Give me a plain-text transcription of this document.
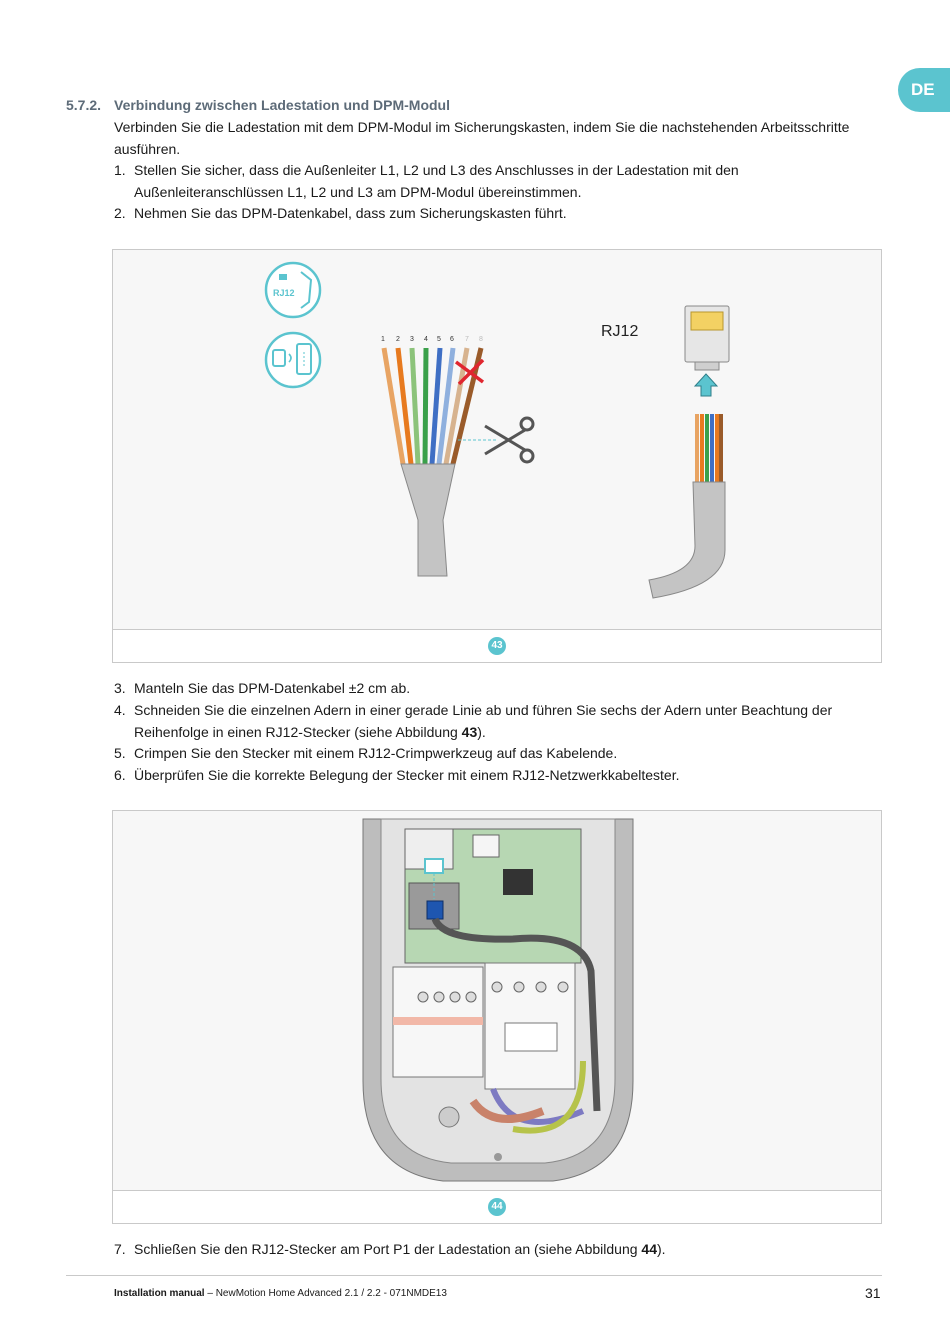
DE
5.7.2. Verbindung zwischen Ladestation und DPM-Modul
Verbinden Sie die Ladestation mit dem DPM-Modul im Sicherungskasten, indem Sie die nachstehenden Arbeitsschritte
ausführen.
1. Stellen Sie sicher, dass die Außenleiter L1, L2 und L3 des Anschlusses in der Ladestation mit den
Außenleiteranschlüssen L1, L2 und L3 am DPM-Modul übereinstimmen.
2. Nehmen Sie das DPM-Datenkabel, dass zum Sicherungskasten führt.
RJ12
1 2 3 4 5 6 7 8	RJ12
43
3. Manteln Sie das DPM-Datenkabel ±2 cm ab.
4. Schneiden Sie die einzelnen Adern in einer gerade Linie ab und führen Sie sechs der Adern unter Beachtung der
Reihenfolge in einen RJ12-Stecker (siehe Abbildung 43).
5. Crimpen Sie den Stecker mit einem RJ12-Crimpwerkzeug auf das Kabelende.
6. Überprüfen Sie die korrekte Belegung der Stecker mit einem RJ12-Netzwerkkabeltester.
44
7. Schließen Sie den RJ12-Stecker am Port P1 der Ladestation an (siehe Abbildung 44).
Installation manual – NewMotion Home Advanced 2.1 / 2.2 - 071NMDE13	31
